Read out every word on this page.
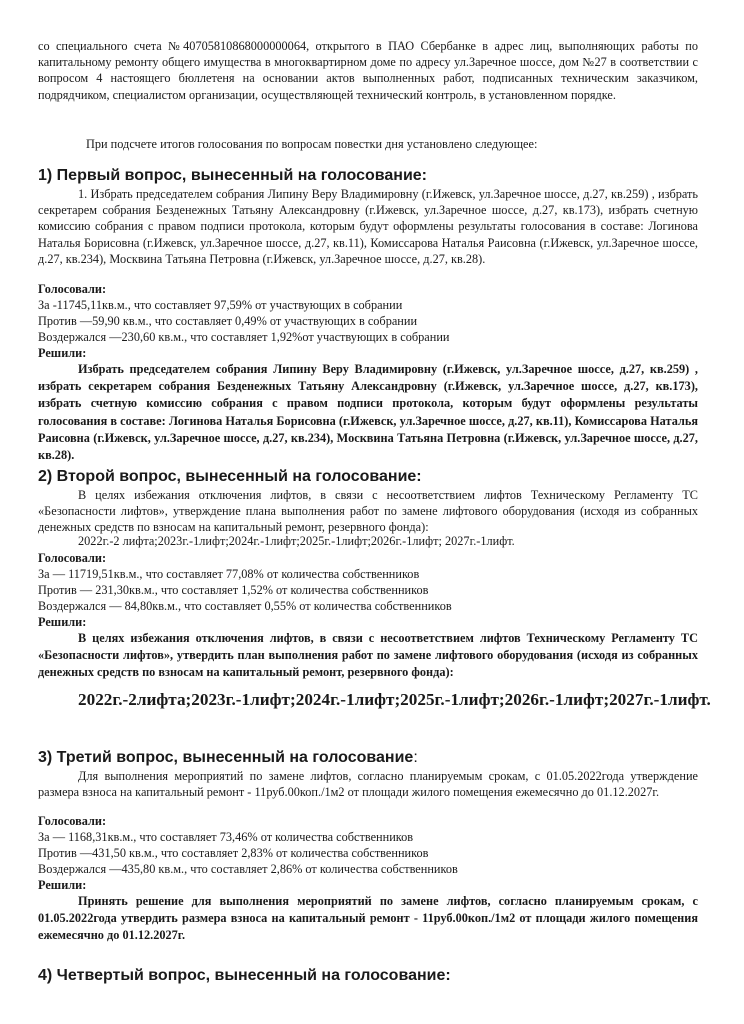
со специального счета №40705810868000000064, открытого в ПАО Сбербанке в адрес лиц, выполняющих работы по капитальному ремонту общего имущества в многоквартирном доме по адресу ул.Заречное шоссе, дом №27 в соответствии с вопросом 4 настоящего бюллетеня на основании актов выполненных работ, подписанных техническим заказчиком, подрядчиком, специалистом организации, осуществляющей технический контроль, в установленном порядке.
При подсчете итогов голосования по вопросам повестки дня установлено следующее:
1) Первый вопрос, вынесенный на голосование:
1. Избрать председателем собрания Липину Веру Владимировну (г.Ижевск, ул.Заречное шоссе, д.27, кв.259) , избрать секретарем собрания Безденежных Татьяну Александровну (г.Ижевск, ул.Заречное шоссе, д.27, кв.173), избрать счетную комиссию собрания с правом подписи протокола, которым будут оформлены результаты голосования в составе: Логинова Наталья Борисовна (г.Ижевск, ул.Заречное шоссе, д.27, кв.11), Комиссарова Наталья Раисовна (г.Ижевск, ул.Заречное шоссе, д.27, кв.234), Москвина Татьяна Петровна (г.Ижевск, ул.Заречное шоссе, д.27, кв.28).
Голосовали:
За -11745,11кв.м., что составляет 97,59% от участвующих в собрании
Против —59,90 кв.м., что составляет 0,49% от участвующих в собрании
Воздержался —230,60 кв.м., что составляет 1,92%от участвующих в собрании
Решили:
Избрать председателем собрания Липину Веру Владимировну (г.Ижевск, ул.Заречное шоссе, д.27, кв.259) , избрать секретарем собрания Безденежных Татьяну Александровну (г.Ижевск, ул.Заречное шоссе, д.27, кв.173), избрать счетную комиссию собрания с правом подписи протокола, которым будут оформлены результаты голосования в составе: Логинова Наталья Борисовна (г.Ижевск, ул.Заречное шоссе, д.27, кв.11), Комиссарова Наталья Раисовна (г.Ижевск, ул.Заречное шоссе, д.27, кв.234), Москвина Татьяна Петровна (г.Ижевск, ул.Заречное шоссе, д.27, кв.28).
2) Второй вопрос, вынесенный на голосование:
В целях избежания отключения лифтов, в связи с несоответствием лифтов Техническому Регламенту ТС «Безопасности лифтов», утверждение плана выполнения работ по замене лифтового оборудования (исходя из собранных денежных средств по взносам на капитальный ремонт, резервного фонда):
2022г.-2 лифта;2023г.-1лифт;2024г.-1лифт;2025г.-1лифт;2026г.-1лифт; 2027г.-1лифт.
Голосовали:
За — 11719,51кв.м., что составляет 77,08% от количества собственников
Против — 231,30кв.м., что составляет 1,52% от количества собственников
Воздержался — 84,80кв.м., что составляет 0,55% от количества собственников
Решили:
В целях избежания отключения лифтов, в связи с несоответствием лифтов Техническому Регламенту ТС «Безопасности лифтов», утвердить план выполнения работ по замене лифтового оборудования (исходя из собранных денежных средств по взносам на капитальный ремонт, резервного фонда):
2022г.-2лифта;2023г.-1лифт;2024г.-1лифт;2025г.-1лифт;2026г.-1лифт;2027г.-1лифт.
3) Третий вопрос, вынесенный на голосование:
Для выполнения мероприятий по замене лифтов, согласно планируемым срокам, с 01.05.2022года утверждение размера взноса на капитальный ремонт - 11руб.00коп./1м2 от площади жилого помещения ежемесячно до 01.12.2027г.
Голосовали:
За — 1168,31кв.м., что составляет 73,46% от количества собственников
Против —431,50 кв.м., что составляет 2,83% от количества собственников
Воздержался —435,80 кв.м., что составляет 2,86% от количества собственников
Решили:
Принять решение для выполнения мероприятий по замене лифтов, согласно планируемым срокам, с 01.05.2022года утвердить размера взноса на капитальный ремонт - 11руб.00коп./1м2 от площади жилого помещения ежемесячно до 01.12.2027г.
4) Четвертый вопрос, вынесенный на голосование:
